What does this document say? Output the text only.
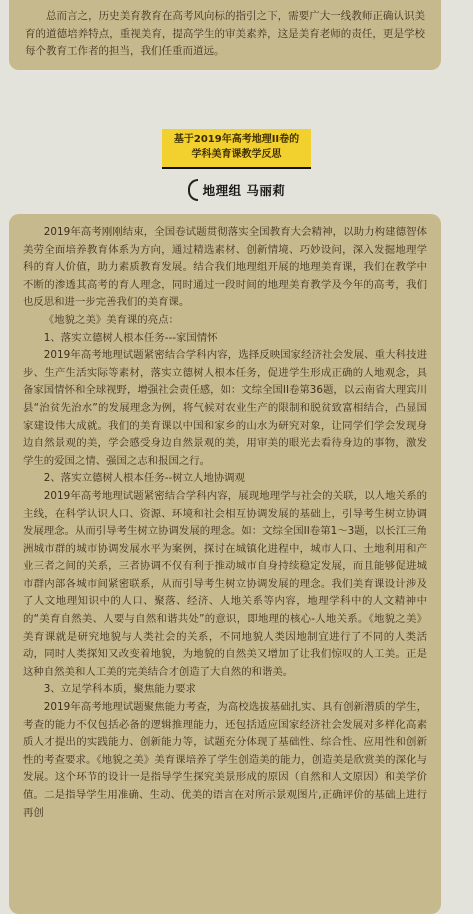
总而言之，历史美育教育在高考风向标的指引之下，需要广大一线教师正确认识美育的道德培养特点，重视美育，提高学生的审美素养，这是美育老师的责任，更是学校每个教育工作者的担当，我们任重而道远。

基于2019年高考地理II卷的
学科美育课教学反思
地理组 马丽莉

2019年高考刚刚结束，全国卷试题贯彻落实全国教育大会精神，以助力构建德智体美劳全面培养教育体系为方向，通过精选素材、创新情境、巧妙设问，深入发掘地理学科的育人价值，助力素质教育发展。结合我们地理组开展的地理美育课，我们在教学中不断的渗透其高考的育人理念，同时通过一段时间的地理美育教学及今年的高考，我们也反思和进一步完善我们的美育课。

《地貌之美》美育课的亮点：

1、落实立德树人根本任务---家国情怀

2019年高考地理试题紧密结合学科内容，选择反映国家经济社会发展、重大科技进步、生产生活实际等素材，落实立德树人根本任务，促进学生形成正确的人地观念，具备家国情怀和全球视野，增强社会责任感，如：文综全国II卷第36题，以云南省大理宾川县“治贫先治水”的发展理念为例，将气候对农业生产的限制和脱贫致富相结合，凸显国家建设伟大成就。我们的美育课以中国和家乡的山水为研究对象，让同学们学会发现身边自然景观的美，学会感受身边自然景观的美，用审美的眼光去看待身边的事物，激发学生的爱国之情、强国之志和报国之行。

2、落实立德树人根本任务--树立人地协调观

2019年高考地理试题紧密结合学科内容，展现地理学与社会的关联，以人地关系的主线，在科学认识人口、资源、环境和社会相互协调发展的基础上，引导考生树立协调发展理念。从而引导考生树立协调发展的理念。如：文综全国II卷第1～3题，以长江三角洲城市群的城市协调发展水平为案例，探讨在城镇化进程中，城市人口、土地利用和产业三者之间的关系，三者协调不仅有利于推动城市自身持续稳定发展，而且能够促进城市群内部各城市间紧密联系，从而引导考生树立协调发展的理念。我们美育课设计涉及了人文地理知识中的人口、聚落、经济、人地关系等内容，地理学科中的人文精神中的“美育自然美、人要与自然和谐共处”的意识，即地理的核心-人地关系。《地貌之美》美育课就是研究地貌与人类社会的关系，不同地貌人类因地制宜进行了不同的人类活动，同时人类探知又改变着地貌，为地貌的自然美又增加了让我们惊叹的人工美。正是这种自然美和人工美的完美结合才创造了大自然的和谐美。

3、立足学科本质，聚焦能力要求

2019年高考地理试题聚焦能力考查，为高校选拔基础扎实、具有创新潜质的学生，考查的能力不仅包括必备的逻辑推理能力，还包括适应国家经济社会发展对多样化高素质人才提出的实践能力、创新能力等，试题充分体现了基础性、综合性、应用性和创新性的考查要求。《地貌之美》美育课培养了学生创造美的能力，创造美是欣赏美的深化与发展。这个环节的设计一是指导学生探究美景形成的原因（自然和人文原因）和美学价值。二是指导学生用准确、生动、优美的语言在对所示景观图片,正确评价的基础上进行再创
